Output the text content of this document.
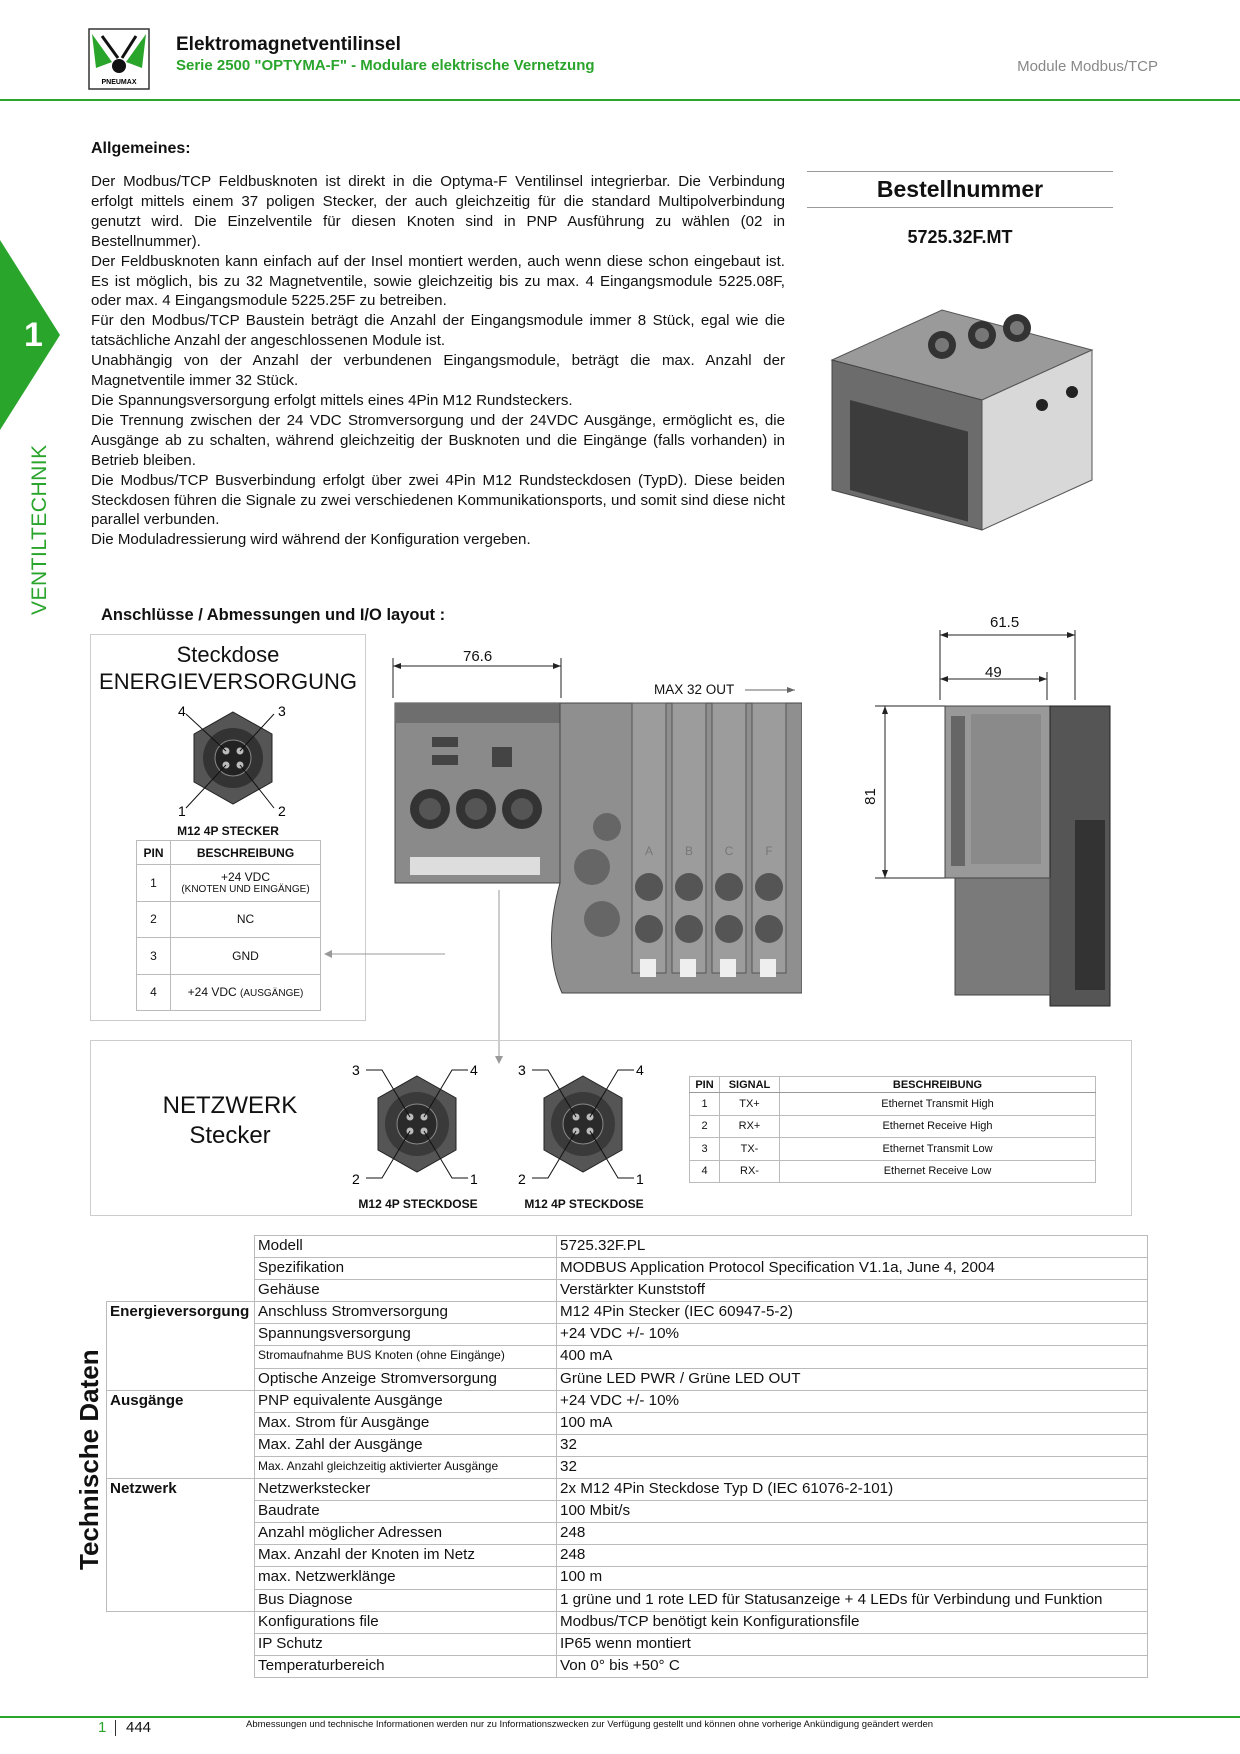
PNEUMAX
Elektromagnetventilinsel
Serie 2500 "OPTYMA-F" - Modulare elektrische Vernetzung	Module Modbus/TCP
1
VENTILTECHNIK
Allgemeines:

Der Modbus/TCP Feldbusknoten ist direkt in die Optyma-F Ventilinsel integrierbar. Die Verbindung erfolgt mittels einem 37 poligen Stecker, der auch gleichzeitig für die standard Multipolverbindung genutzt wird. Die Einzelventile für diesen Knoten sind in PNP Ausführung zu wählen (02 in Bestellnummer).

Der Feldbusknoten kann einfach auf der Insel montiert werden, auch wenn diese schon eingebaut ist. Es ist möglich, bis zu 32 Magnetventile, sowie gleichzeitig bis zu max. 4 Eingangsmodule 5225.08F, oder max. 4 Eingangsmodule 5225.25F zu betreiben.

Für den Modbus/TCP Baustein beträgt die Anzahl der Eingangsmodule immer 8 Stück, egal wie die tatsächliche Anzahl der angeschlossenen Module ist.

Unabhängig von der Anzahl der verbundenen Eingangsmodule, beträgt die max. Anzahl der Magnetventile immer 32 Stück.

Die Spannungsversorgung erfolgt mittels eines 4Pin M12 Rundsteckers.

Die Trennung zwischen der 24 VDC Stromversorgung und der 24VDC Ausgänge, ermöglicht es, die Ausgänge ab zu schalten, während gleichzeitig der Busknoten und die Eingänge (falls vorhanden) in Betrieb bleiben.

Die Modbus/TCP Busverbindung erfolgt über zwei 4Pin M12 Rundsteckdosen (TypD). Diese beiden Steckdosen führen die Signale zu zwei verschiedenen Kommunikationsports, und somit sind diese nicht parallel verbunden.

Die Moduladressierung wird während der Konfiguration vergeben.

Bestellnummer
5725.32F.MT
Anschlüsse / Abmessungen und I/O layout :
Steckdose
ENERGIEVERSORGUNG
4	3
1	2
M12 4P STECKER
PIN	BESCHREIBUNG
1	+24 VDC
(KNOTEN UND EINGÄNGE)

2	NC
3	GND
4	+24 VDC (AUSGÄNGE)
76.6
MAX 32 OUT
A	B	C	F
61.5
49
81
NETZWERK
Stecker
3	4
2	1
3	4
2	1
M12 4P STECKDOSE	M12 4P STECKDOSE
PIN	SIGNAL	BESCHREIBUNG
1	TX+	Ethernet Transmit High
2	RX+	Ethernet Receive High
3	TX-	Ethernet Transmit Low
4	RX-	Ethernet Receive Low
Technische Daten
	Modell	5725.32F.PL
	Spezifikation	MODBUS Application Protocol Specification V1.1a, June 4, 2004
	Gehäuse	Verstärkter Kunststoff
Energieversorgung	Anschluss Stromversorgung	M12 4Pin Stecker (IEC 60947-5-2)
	Spannungsversorgung	+24 VDC +/- 10%
	Stromaufnahme BUS Knoten (ohne Eingänge)	400 mA
	Optische Anzeige Stromversorgung	Grüne LED PWR / Grüne LED OUT
Ausgänge	PNP equivalente Ausgänge	+24 VDC +/- 10%
	Max. Strom für Ausgänge	100 mA
	Max. Zahl der Ausgänge	32
	Max. Anzahl gleichzeitig aktivierter Ausgänge	32
Netzwerk	Netzwerkstecker	2x M12 4Pin Steckdose Typ D (IEC 61076-2-101)
	Baudrate	100 Mbit/s
	Anzahl möglicher Adressen	248
	Max. Anzahl der Knoten im Netz	248
	max. Netzwerklänge	100 m
	Bus Diagnose	1 grüne und 1 rote LED für Statusanzeige + 4 LEDs für Verbindung und Funktion
	Konfigurations file	Modbus/TCP benötigt kein Konfigurationsfile
	IP Schutz	IP65 wenn montiert
	Temperaturbereich	Von 0° bis +50° C
1 444	Abmessungen und technische Informationen werden nur zu Informationszwecken zur Verfügung gestellt und können ohne vorherige Ankündigung geändert werden
